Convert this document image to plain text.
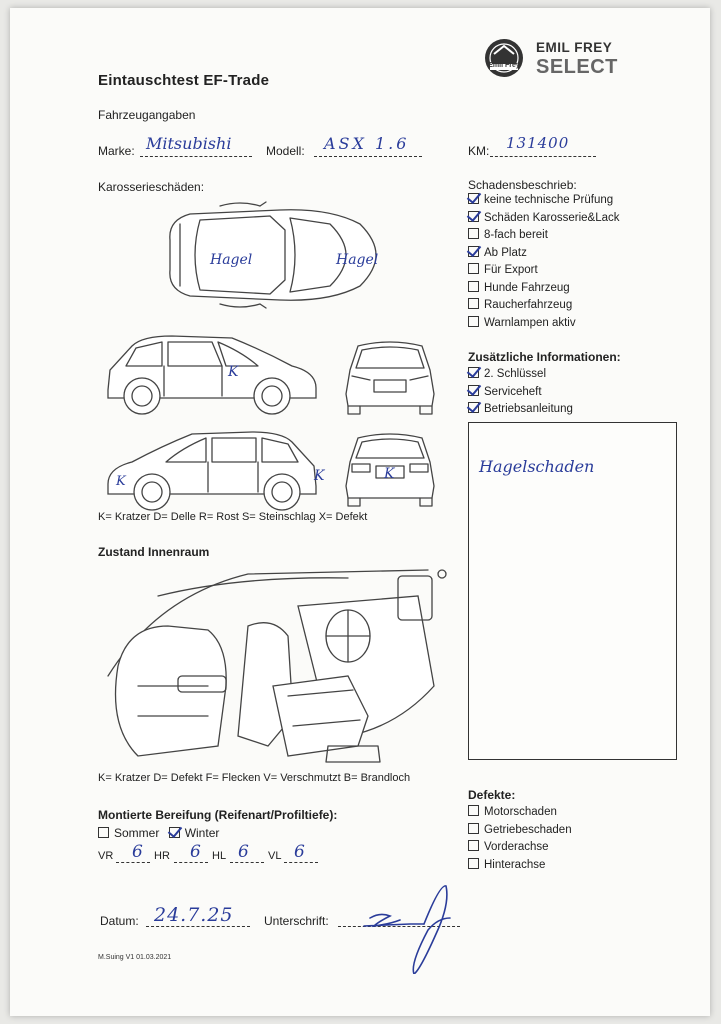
Emil Frey
EMIL FREY
SELECT
Eintauschtest EF-Trade
Fahrzeugangaben
Marke: Mitsubishi	Modell:	ASX 1.6	KM:	131400
Karosserieschäden:
Hagel	Hagel
K
K	K
K
K= Kratzer D= Delle R= Rost S= Steinschlag X= Defekt
Schadensbeschrieb:
keine technische Prüfung
Schäden Karosserie&Lack
8-fach bereit
Ab Platz
Für Export
Hunde Fahrzeug
Raucherfahrzeug
Warnlampen aktiv
Zusätzliche Informationen:
2. Schlüssel
Serviceheft
Betriebsanleitung
Hagelschaden
Zustand Innenraum
K= Kratzer D= Defekt F= Flecken V= Verschmutzt B= Brandloch
Montierte Bereifung (Reifenart/Profiltiefe):
Sommer Winter
VR 6 HR 6 HL 6 VL 6
Defekte:
Motorschaden
Getriebeschaden
Vorderachse
Hinterachse
Datum: 24.7.25	Unterschrift:
M.Suing V1 01.03.2021
